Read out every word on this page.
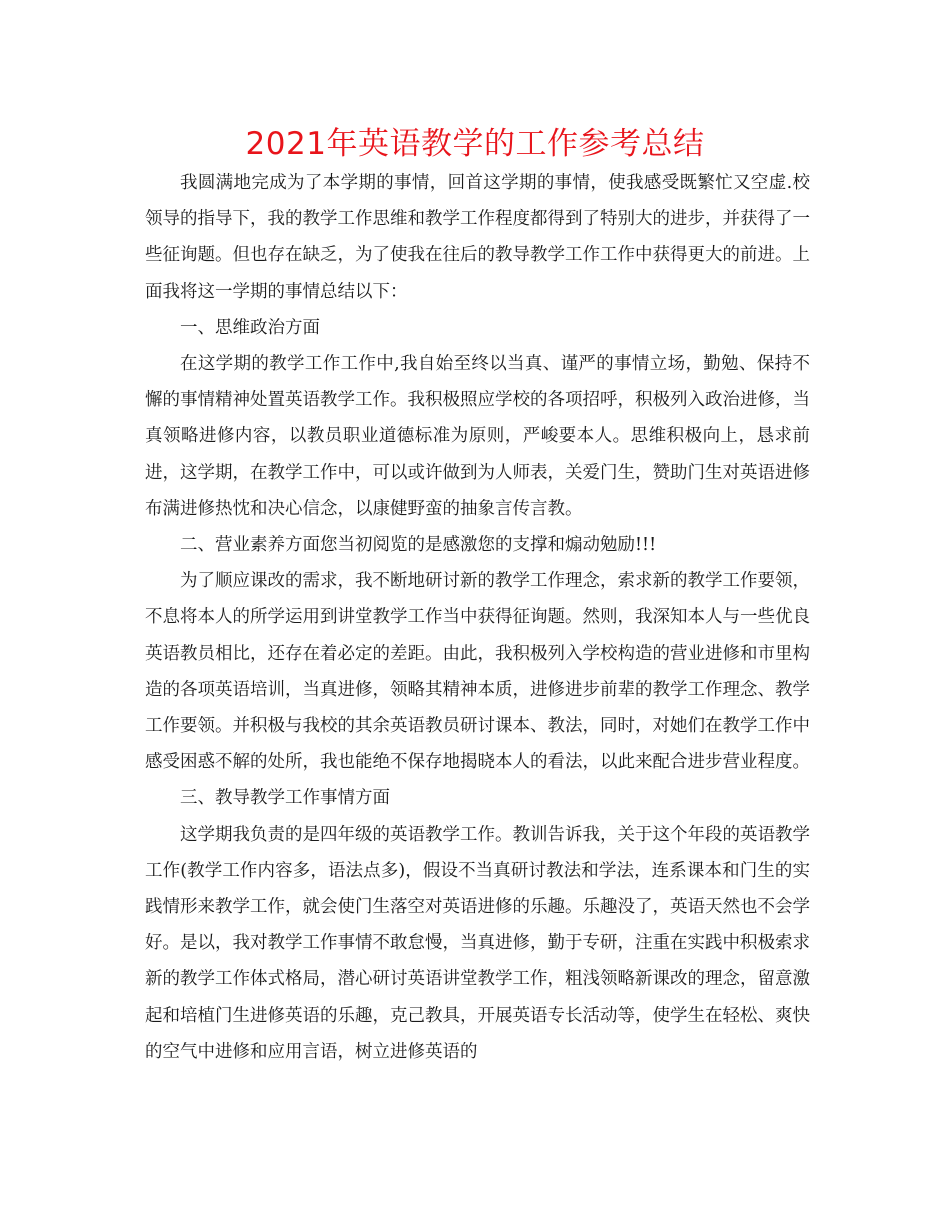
2021年英语教学的工作参考总结

我圆满地完成为了本学期的事情，回首这学期的事情，使我感受既繁忙又空虚.校领导的指导下，我的教学工作思维和教学工作程度都得到了特别大的进步，并获得了一些征询题。但也存在缺乏，为了使我在往后的教导教学工作工作中获得更大的前进。上面我将这一学期的事情总结以下：

一、思维政治方面

在这学期的教学工作工作中,我自始至终以当真、谨严的事情立场，勤勉、保持不懈的事情精神处置英语教学工作。我积极照应学校的各项招呼，积极列入政治进修，当真领略进修内容，以教员职业道德标准为原则，严峻要本人。思维积极向上，恳求前进，这学期，在教学工作中，可以或许做到为人师表，关爱门生，赞助门生对英语进修布满进修热忱和决心信念，以康健野蛮的抽象言传言教。

二、营业素养方面您当初阅览的是感激您的支撑和煽动勉励!!!

为了顺应课改的需求，我不断地研讨新的教学工作理念，索求新的教学工作要领，不息将本人的所学运用到讲堂教学工作当中获得征询题。然则，我深知本人与一些优良英语教员相比，还存在着必定的差距。由此，我积极列入学校构造的营业进修和市里构造的各项英语培训，当真进修，领略其精神本质，进修进步前辈的教学工作理念、教学工作要领。并积极与我校的其余英语教员研讨课本、教法，同时，对她们在教学工作中感受困惑不解的处所，我也能绝不保存地揭晓本人的看法，以此来配合进步营业程度。

三、教导教学工作事情方面

这学期我负责的是四年级的英语教学工作。教训告诉我，关于这个年段的英语教学工作(教学工作内容多，语法点多)，假设不当真研讨教法和学法，连系课本和门生的实践情形来教学工作，就会使门生落空对英语进修的乐趣。乐趣没了，英语天然也不会学好。是以，我对教学工作事情不敢怠慢，当真进修，勤于专研，注重在实践中积极索求新的教学工作体式格局，潜心研讨英语讲堂教学工作，粗浅领略新课改的理念，留意激起和培植门生进修英语的乐趣，克己教具，开展英语专长活动等，使学生在轻松、爽快的空气中进修和应用言语，树立进修英语的
